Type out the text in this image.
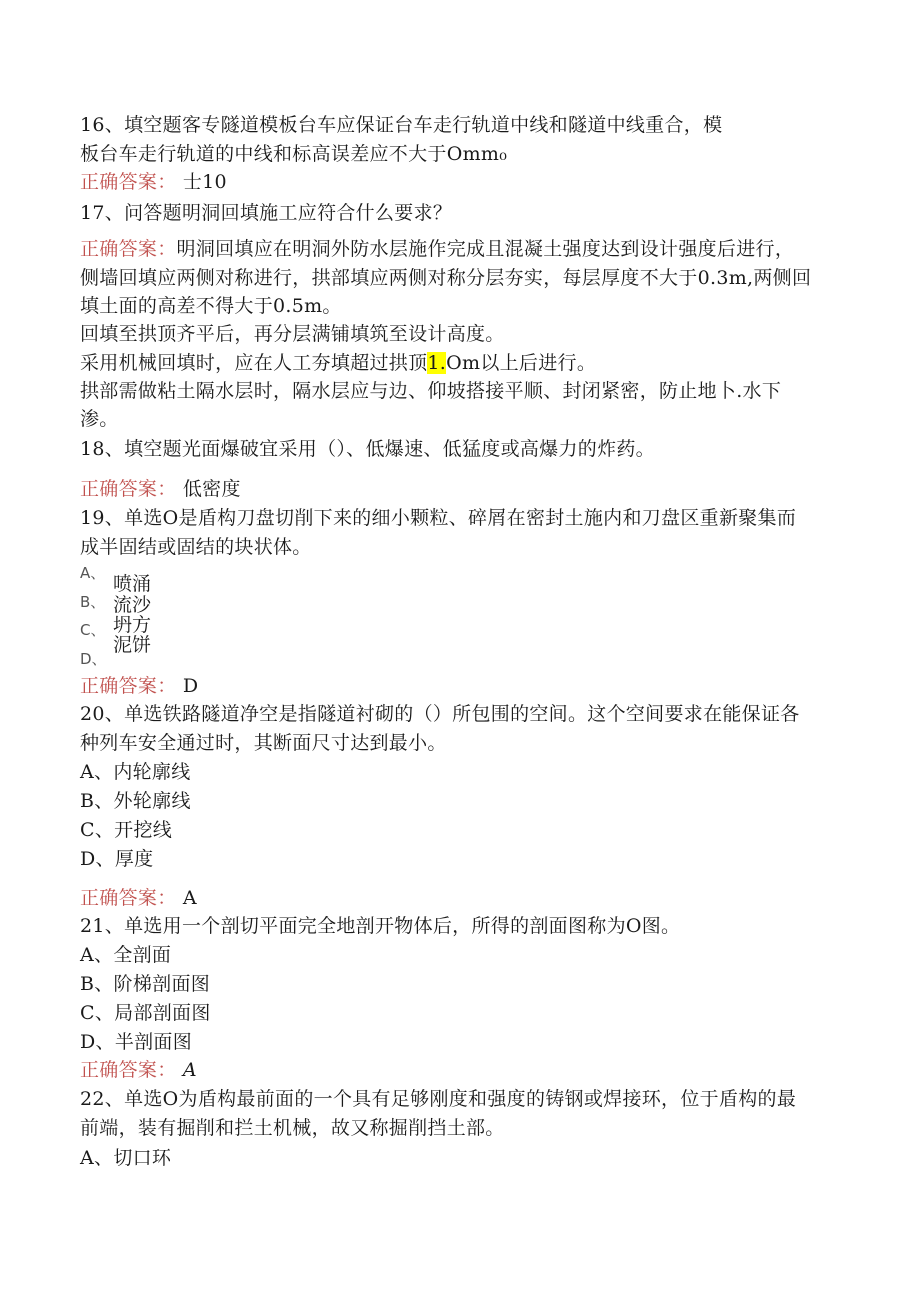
16、填空题客专隧道模板台车应保证台车走行轨道中线和隧道中线重合，模
板台车走行轨道的中线和标高误差应不大于Omm₀
正确答案： 士10
17、问答题明洞回填施工应符合什么要求？
正确答案：明洞回填应在明洞外防水层施作完成且混凝土强度达到设计强度后进行，
侧墙回填应两侧对称进行，拱部填应两侧对称分层夯实，每层厚度不大于0.3m,两侧回
填土面的高差不得大于0.5m。
回填至拱顶齐平后，再分层满铺填筑至设计高度。
采用机械回填时，应在人工夯填超过拱顶1.Om以上后进行。
拱部需做粘土隔水层时，隔水层应与边、仰坡搭接平顺、封闭紧密，防止地卜.水下
渗。
18、填空题光面爆破宜采用（）、低爆速、低猛度或高爆力的炸药。
正确答案： 低密度
19、单选O是盾构刀盘切削下来的细小颗粒、碎屑在密封土施内和刀盘区重新聚集而
成半固结或固结的块状体。
A、
B、
C、
D、
喷涌
流沙
坍方
泥饼
正确答案： D
20、单选铁路隧道净空是指隧道衬砌的（）所包围的空间。这个空间要求在能保证各
种列车安全通过时，其断面尺寸达到最小。
A、内轮廓线
B、外轮廓线
C、开挖线
D、厚度
正确答案： A
21、单选用一个剖切平面完全地剖开物体后，所得的剖面图称为O图。
A、全剖面
B、阶梯剖面图
C、局部剖面图
D、半剖面图
正确答案： A
22、单选O为盾构最前面的一个具有足够刚度和强度的铸钢或焊接环，位于盾构的最
前端，装有掘削和拦土机械，故又称掘削挡土部。
A、切口环
